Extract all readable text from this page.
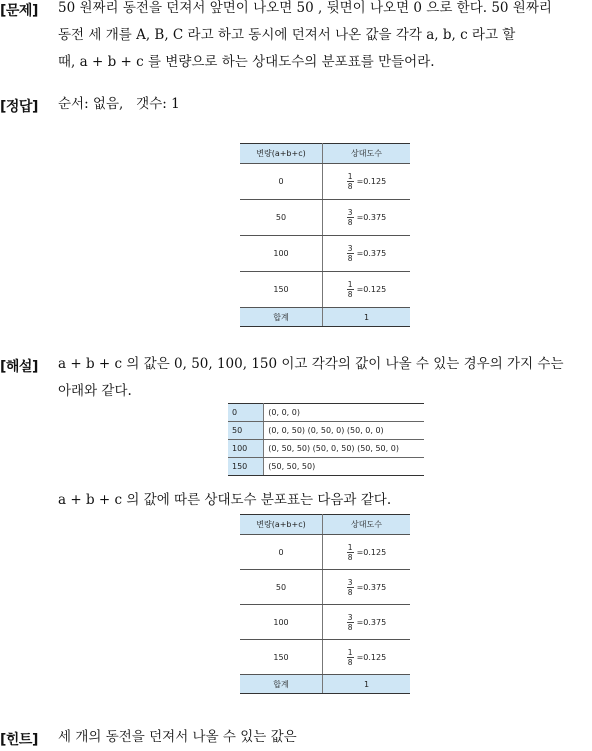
[문제] 50 원짜리 동전을 던져서 앞면이 나오면 50 , 뒷면이 나오면 0 으로 한다. 50 원짜리
동전 세 개를 A, B, C 라고 하고 동시에 던져서 나온 값을 각각 a, b, c 라고 할
때, a + b + c 를 변량으로 하는 상대도수의 분포표를 만들어라.
[정답] 순서: 없음,   갯수: 1
변량(a+b+c)	상대도수
0	$\frac{1}{8} =0.125$
50	$\frac{3}{8} =0.375$
100	$\frac{3}{8} =0.375$
150	$\frac{1}{8} =0.125$
합계	1
[해설] a + b + c 의 값은 0, 50, 100, 150 이고 각각의 값이 나올 수 있는 경우의 가지 수는
아래와 같다.
0	(0, 0, 0)
50	(0, 0, 50) (0, 50, 0) (50, 0, 0)
100	(0, 50, 50) (50, 0, 50) (50, 50, 0)
150	(50, 50, 50)
a + b + c 의 값에 따른 상대도수 분포표는 다음과 같다.
변량(a+b+c)	상대도수
0	$\frac{1}{8} =0.125$
50	$\frac{3}{8} =0.375$
100	$\frac{3}{8} =0.375$
150	$\frac{1}{8} =0.125$
합계	1
[힌트] 세 개의 동전을 던져서 나올 수 있는 값은
